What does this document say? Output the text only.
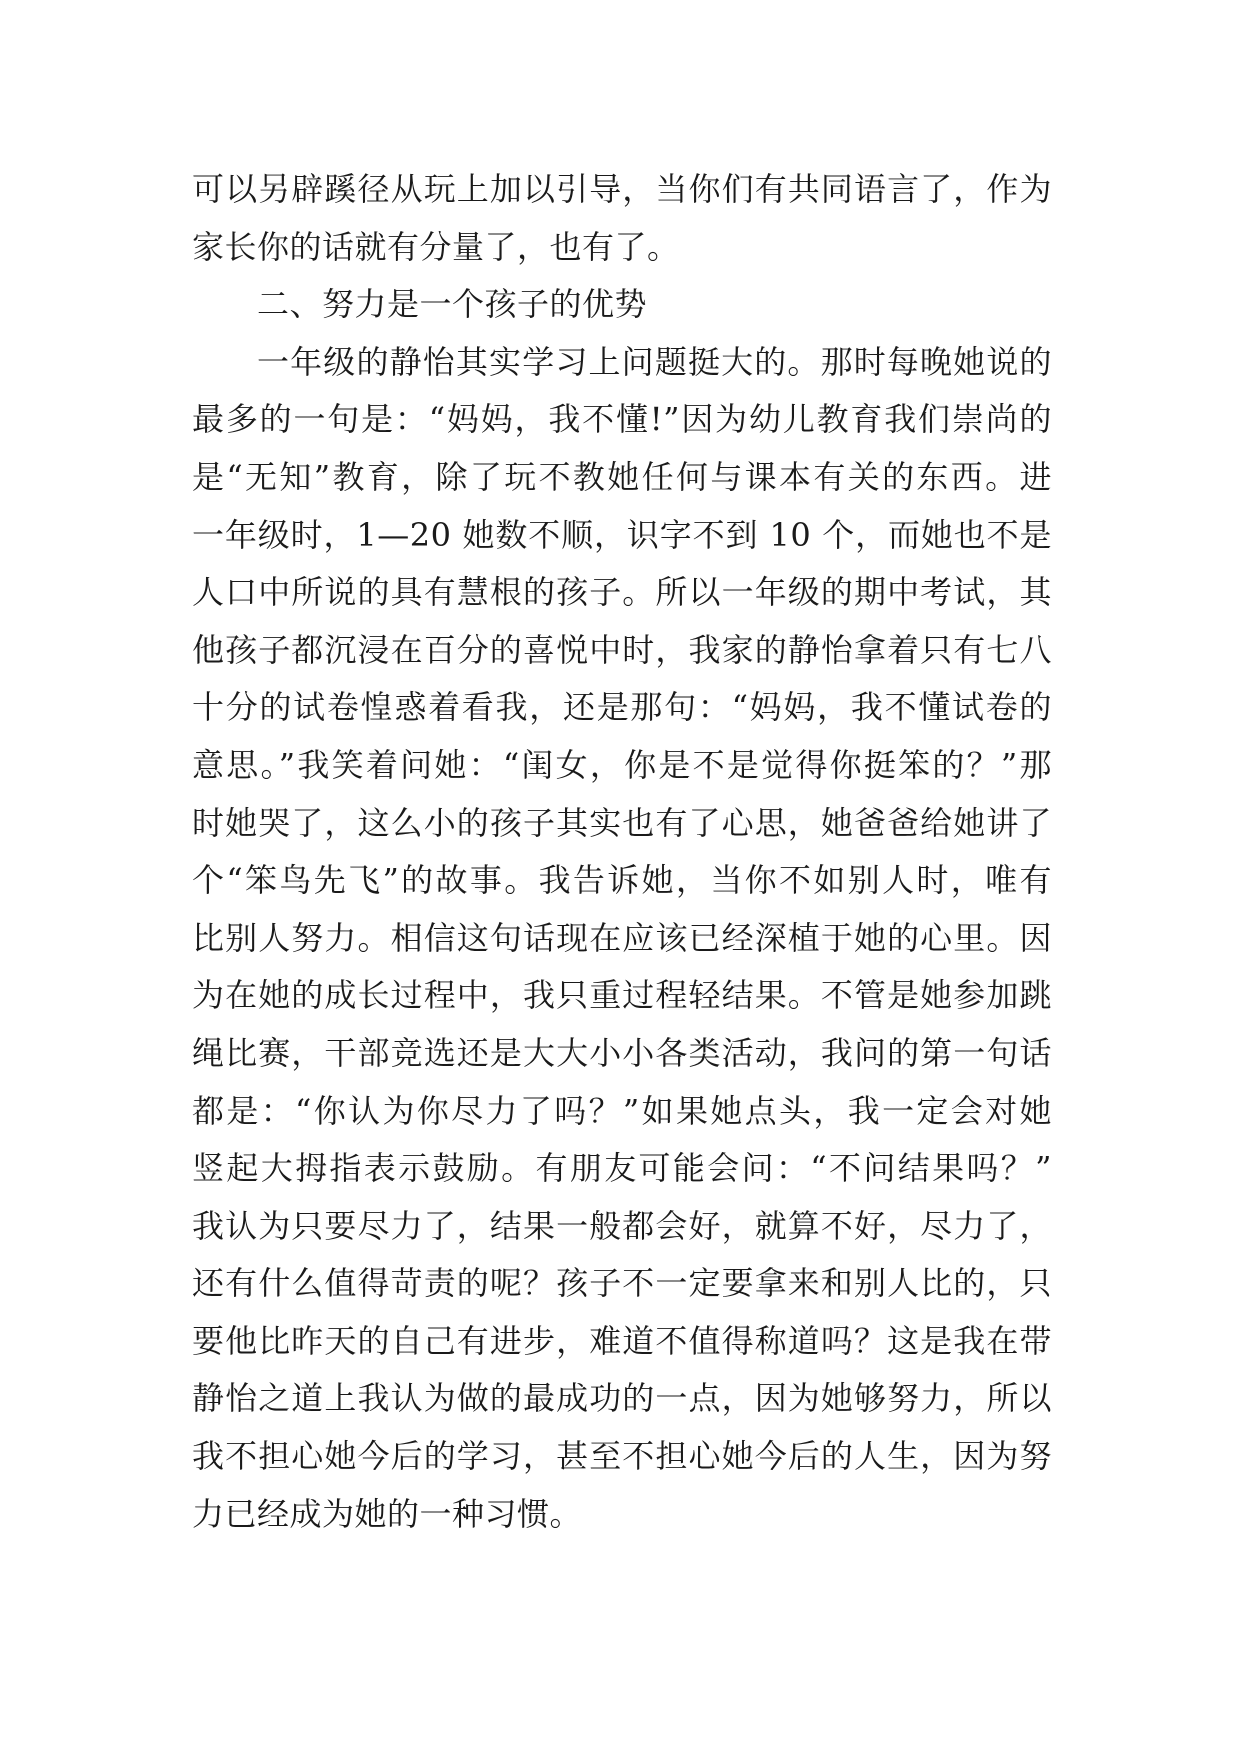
可以另辟蹊径从玩上加以引导，当你们有共同语言了，作为
家长你的话就有分量了，也有了。
二、努力是一个孩子的优势
一年级的静怡其实学习上问题挺大的。那时每晚她说的
最多的一句是：“妈妈，我不懂!”因为幼儿教育我们崇尚的
是“无知”教育，除了玩不教她任何与课本有关的东西。进
一年级时，1—20 她数不顺，识字不到 10 个，而她也不是
人口中所说的具有慧根的孩子。所以一年级的期中考试，其
他孩子都沉浸在百分的喜悦中时，我家的静怡拿着只有七八
十分的试卷惶惑着看我，还是那句：“妈妈，我不懂试卷的
意思。”我笑着问她：“闺女，你是不是觉得你挺笨的？”那
时她哭了，这么小的孩子其实也有了心思，她爸爸给她讲了
个“笨鸟先飞”的故事。我告诉她，当你不如别人时，唯有
比别人努力。相信这句话现在应该已经深植于她的心里。因
为在她的成长过程中，我只重过程轻结果。不管是她参加跳
绳比赛，干部竞选还是大大小小各类活动，我问的第一句话
都是：“你认为你尽力了吗？”如果她点头，我一定会对她
竖起大拇指表示鼓励。有朋友可能会问：“不问结果吗？”
我认为只要尽力了，结果一般都会好，就算不好，尽力了，
还有什么值得苛责的呢？孩子不一定要拿来和别人比的，只
要他比昨天的自己有进步，难道不值得称道吗？这是我在带
静怡之道上我认为做的最成功的一点，因为她够努力，所以
我不担心她今后的学习，甚至不担心她今后的人生，因为努
力已经成为她的一种习惯。
